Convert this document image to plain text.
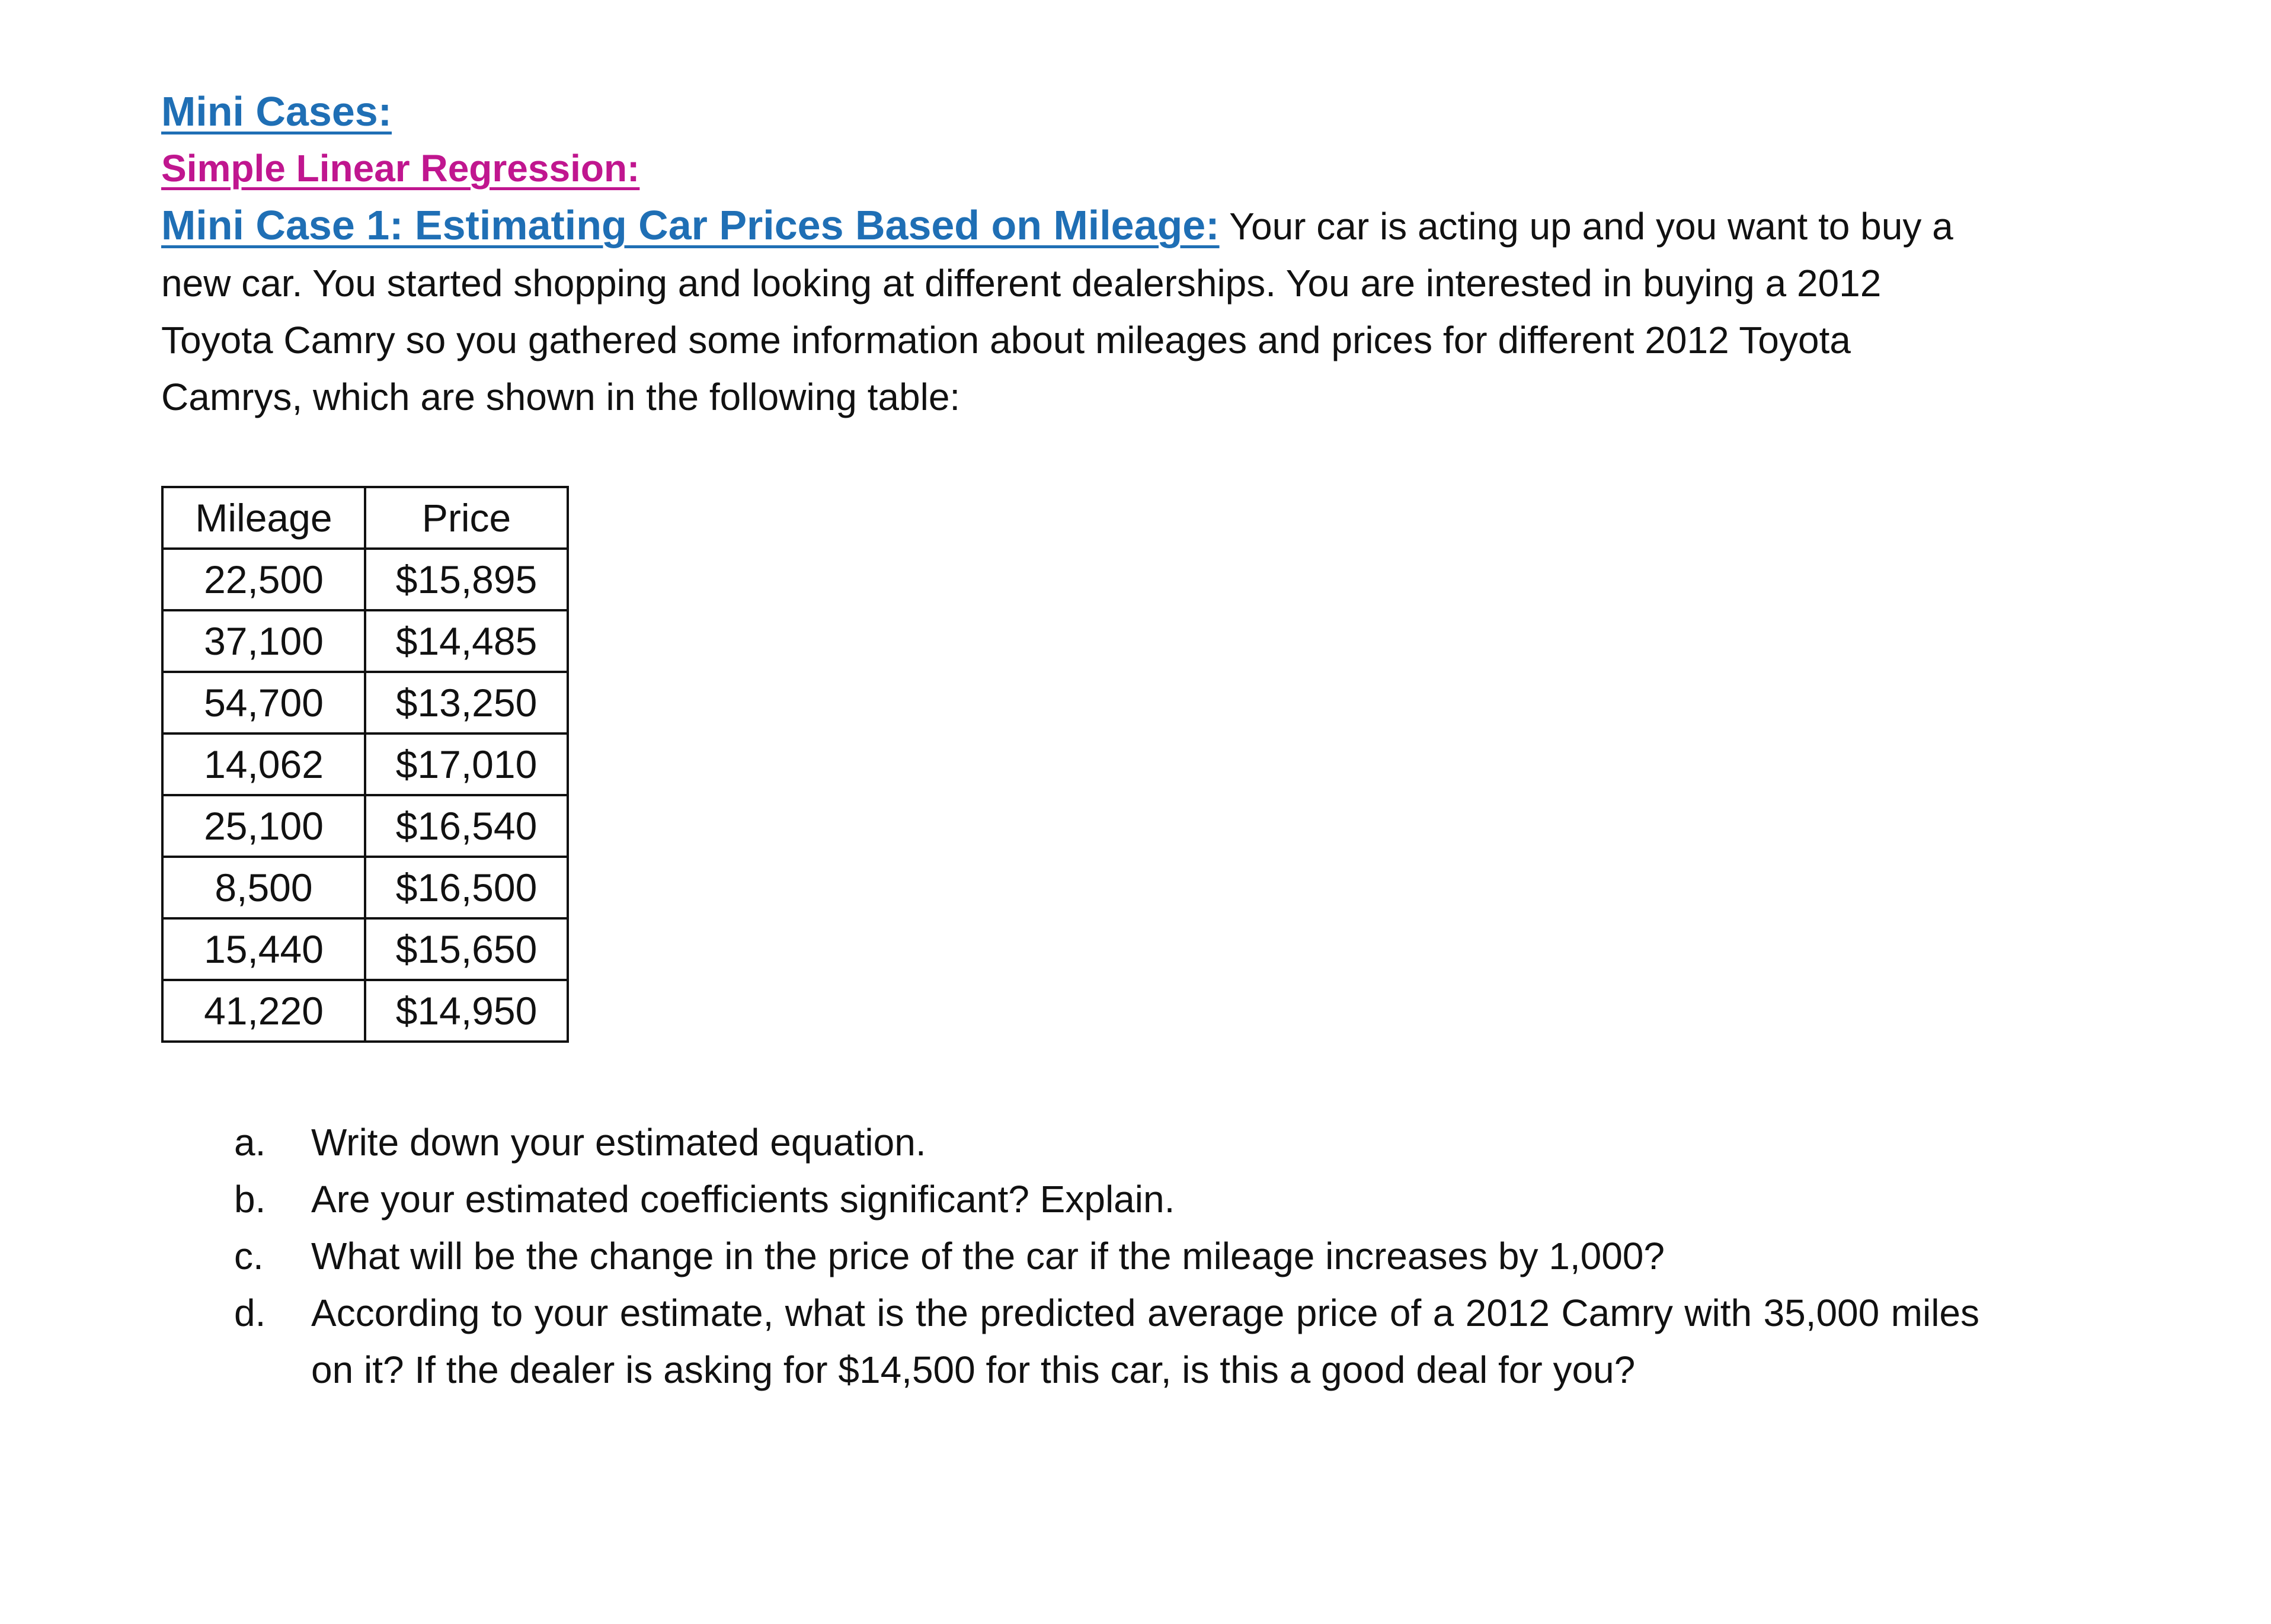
Mini Cases:

Simple Linear Regression:

Mini Case 1: Estimating Car Prices Based on Mileage: Your car is acting up and you want to buy a new car. You started shopping and looking at different dealerships. You are interested in buying a 2012 Toyota Camry so you gathered some information about mileages and prices for different 2012 Toyota Camrys, which are shown in the following table:

Mileage	Price
22,500	$15,895
37,100	$14,485
54,700	$13,250
14,062	$17,010
25,100	$16,540
8,500	$16,500
15,440	$15,650
41,220	$14,950
a.	Write down your estimated equation.
b.	Are your estimated coefficients significant? Explain.
c.	What will be the change in the price of the car if the mileage increases by 1,000?
d.	According to your estimate, what is the predicted average price of a 2012 Camry with 35,000 miles on it? If the dealer is asking for $14,500 for this car, is this a good deal for you?
